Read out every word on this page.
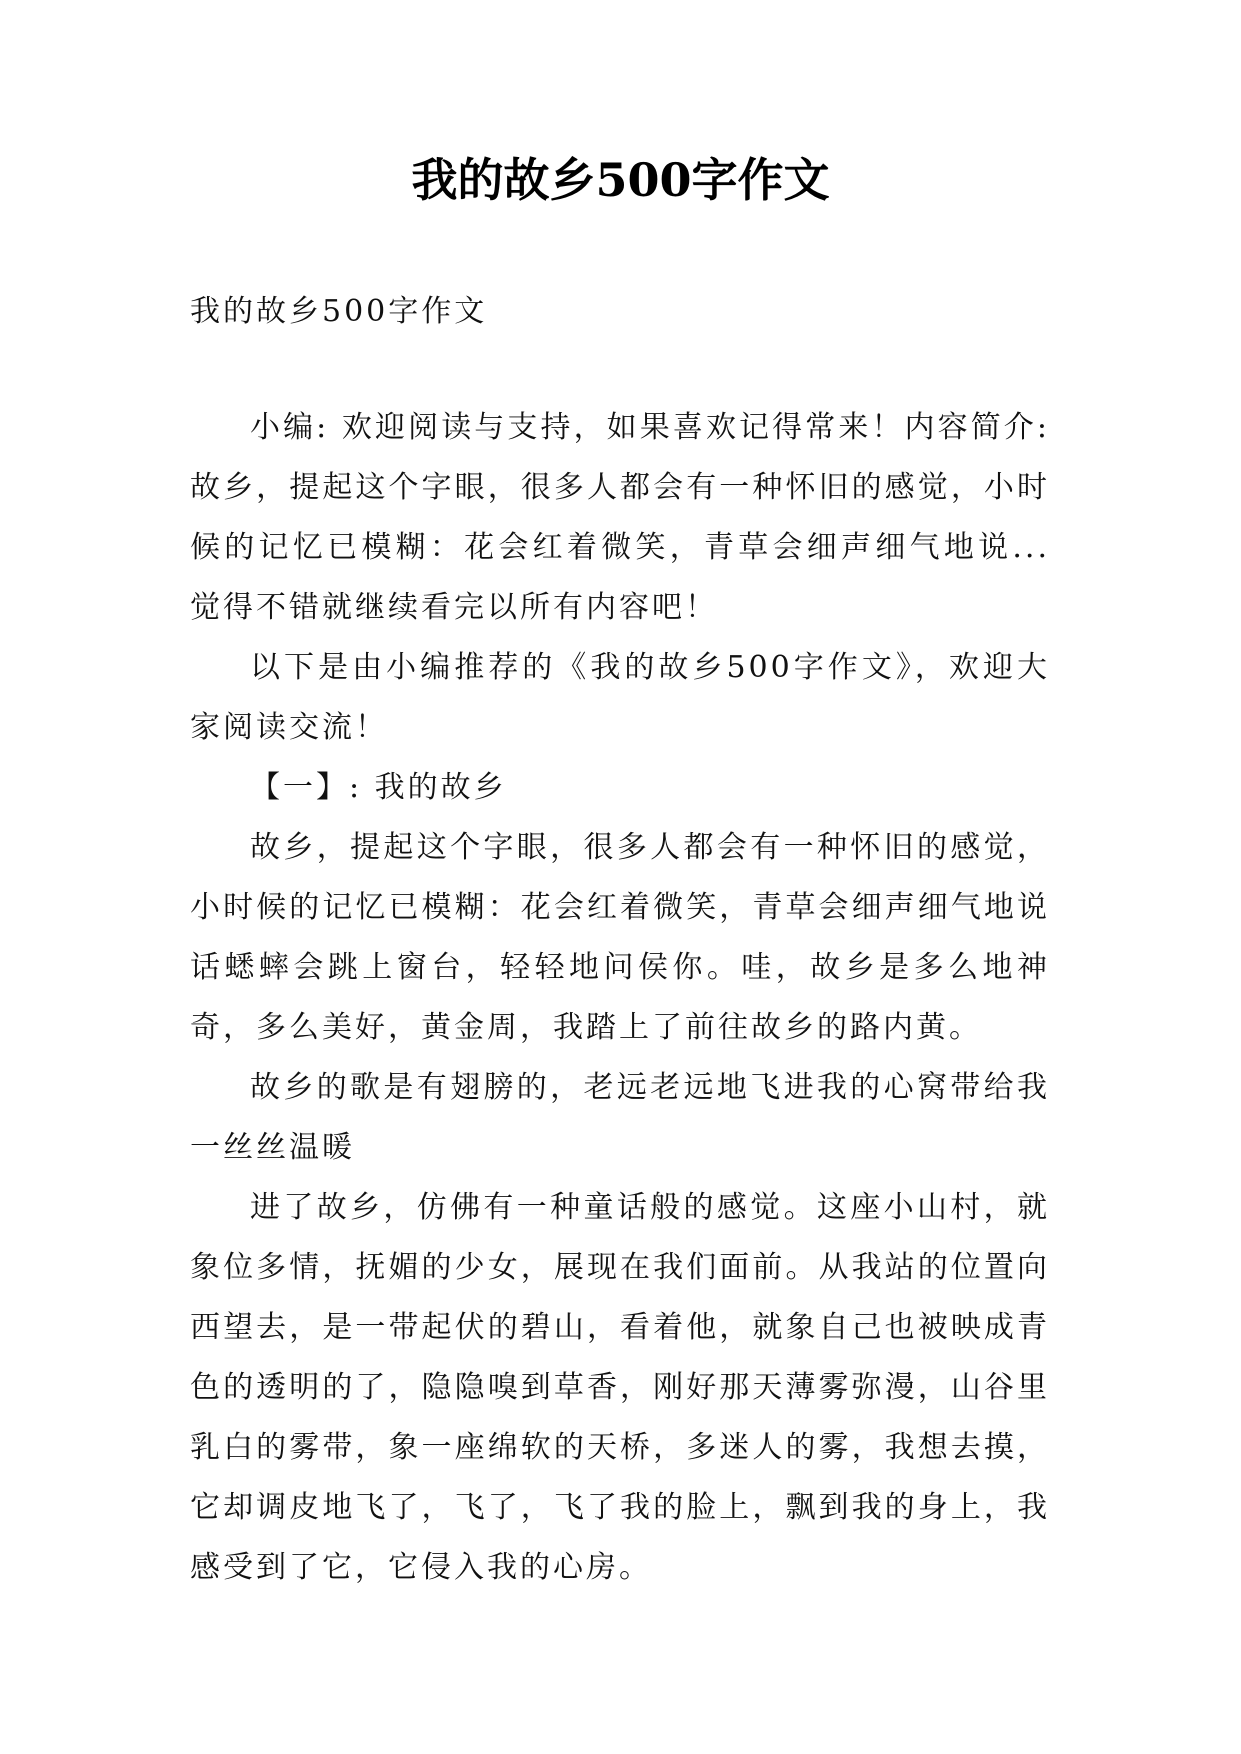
我的故乡500字作文

我的故乡500字作文

小编: 欢迎阅读与支持，如果喜欢记得常来！内容简介: 故乡，提起这个字眼，很多人都会有一种怀旧的感觉，小时候的记忆已模糊：花会红着微笑，青草会细声细气地说...觉得不错就继续看完以所有内容吧！

以下是由小编推荐的《我的故乡500字作文》，欢迎大家阅读交流！

【一】: 我的故乡

故乡，提起这个字眼，很多人都会有一种怀旧的感觉，小时候的记忆已模糊：花会红着微笑，青草会细声细气地说话蟋蟀会跳上窗台，轻轻地问侯你。哇，故乡是多么地神奇，多么美好，黄金周，我踏上了前往故乡的路内黄。

故乡的歌是有翅膀的，老远老远地飞进我的心窝带给我一丝丝温暖

进了故乡，仿佛有一种童话般的感觉。这座小山村，就象位多情，抚媚的少女，展现在我们面前。从我站的位置向西望去，是一带起伏的碧山，看着他，就象自己也被映成青色的透明的了，隐隐嗅到草香，刚好那天薄雾弥漫，山谷里乳白的雾带，象一座绵软的天桥，多迷人的雾，我想去摸，它却调皮地飞了，飞了，飞了我的脸上，飘到我的身上，我感受到了它，它侵入我的心房。
